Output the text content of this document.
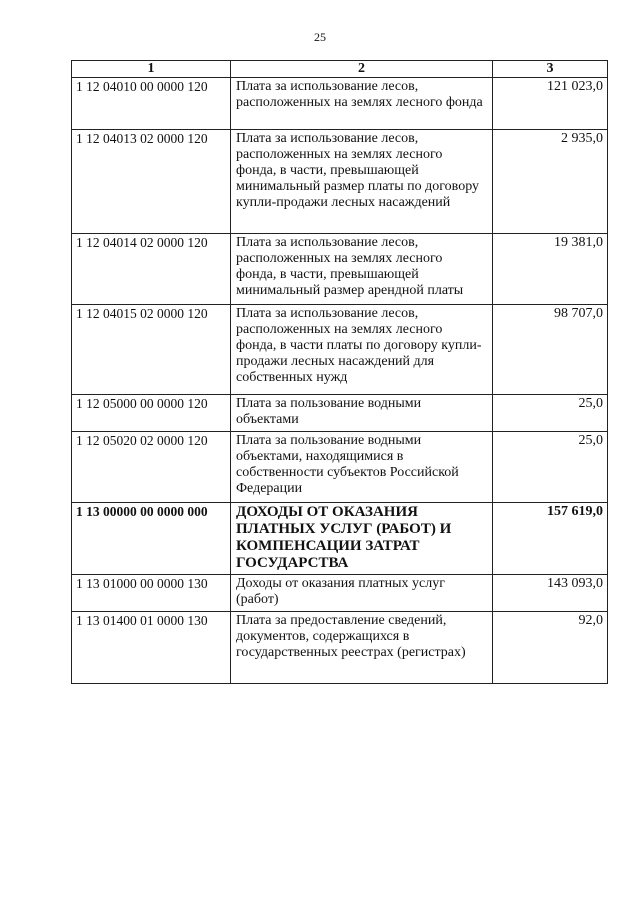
25
1	2	3
1 12 04010 00 0000 120	Плата за использование лесов, расположенных на землях лесного фонда	121 023,0
1 12 04013 02 0000 120	Плата за использование лесов, расположенных на землях лесного фонда, в части, превышающей минимальный размер платы по договору купли-продажи лесных насаждений	2 935,0
1 12 04014 02 0000 120	Плата за использование лесов, расположенных на землях лесного фонда, в части, превышающей минимальный размер арендной платы	19 381,0
1 12 04015 02 0000 120	Плата за использование лесов, расположенных на землях лесного фонда, в части платы по договору купли-продажи лесных насаждений для собственных нужд	98 707,0
1 12 05000 00 0000 120	Плата за пользование водными объектами	25,0
1 12 05020 02 0000 120	Плата за пользование водными объектами, находящимися в собственности субъектов Российской Федерации	25,0
1 13 00000 00 0000 000	ДОХОДЫ ОТ ОКАЗАНИЯ ПЛАТНЫХ УСЛУГ (РАБОТ) И КОМПЕНСАЦИИ ЗАТРАТ ГОСУДАРСТВА	157 619,0
1 13 01000 00 0000 130	Доходы от оказания платных услуг (работ)	143 093,0
1 13 01400 01 0000 130	Плата за предоставление сведений, документов, содержащихся в государственных реестрах (регистрах)	92,0
